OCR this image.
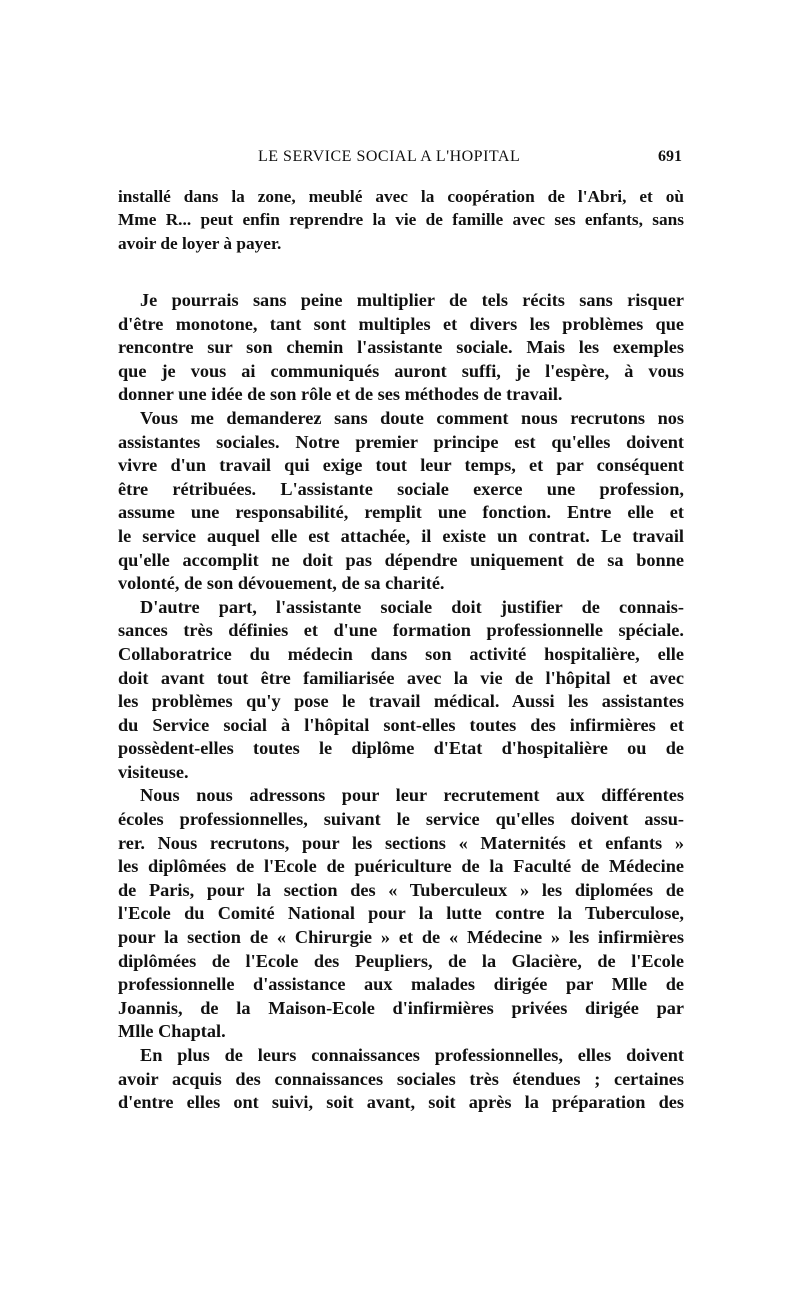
LE SERVICE SOCIAL A L'HOPITAL	691
installé dans la zone, meublé avec la coopération de l'Abri, et où
Mme R... peut enfin reprendre la vie de famille avec ses enfants, sans
avoir de loyer à payer.
Je pourrais sans peine multiplier de tels récits sans risquer
d'être monotone, tant sont multiples et divers les problèmes que
rencontre sur son chemin l'assistante sociale. Mais les exemples
que je vous ai communiqués auront suffi, je l'espère, à vous
donner une idée de son rôle et de ses méthodes de travail.
Vous me demanderez sans doute comment nous recrutons nos
assistantes sociales. Notre premier principe est qu'elles doivent
vivre d'un travail qui exige tout leur temps, et par conséquent
être rétribuées. L'assistante sociale exerce une profession,
assume une responsabilité, remplit une fonction. Entre elle et
le service auquel elle est attachée, il existe un contrat. Le travail
qu'elle accomplit ne doit pas dépendre uniquement de sa bonne
volonté, de son dévouement, de sa charité.
D'autre part, l'assistante sociale doit justifier de connais-
sances très définies et d'une formation professionnelle spéciale.
Collaboratrice du médecin dans son activité hospitalière, elle
doit avant tout être familiarisée avec la vie de l'hôpital et avec
les problèmes qu'y pose le travail médical. Aussi les assistantes
du Service social à l'hôpital sont-elles toutes des infirmières et
possèdent-elles toutes le diplôme d'Etat d'hospitalière ou de
visiteuse.
Nous nous adressons pour leur recrutement aux différentes
écoles professionnelles, suivant le service qu'elles doivent assu-
rer. Nous recrutons, pour les sections « Maternités et enfants »
les diplômées de l'Ecole de puériculture de la Faculté de Médecine
de Paris, pour la section des « Tuberculeux » les diplomées de
l'Ecole du Comité National pour la lutte contre la Tuberculose,
pour la section de « Chirurgie » et de « Médecine » les infirmières
diplômées de l'Ecole des Peupliers, de la Glacière, de l'Ecole
professionnelle d'assistance aux malades dirigée par Mlle de
Joannis, de la Maison-Ecole d'infirmières privées dirigée par
Mlle Chaptal.
En plus de leurs connaissances professionnelles, elles doivent
avoir acquis des connaissances sociales très étendues ; certaines
d'entre elles ont suivi, soit avant, soit après la préparation des
